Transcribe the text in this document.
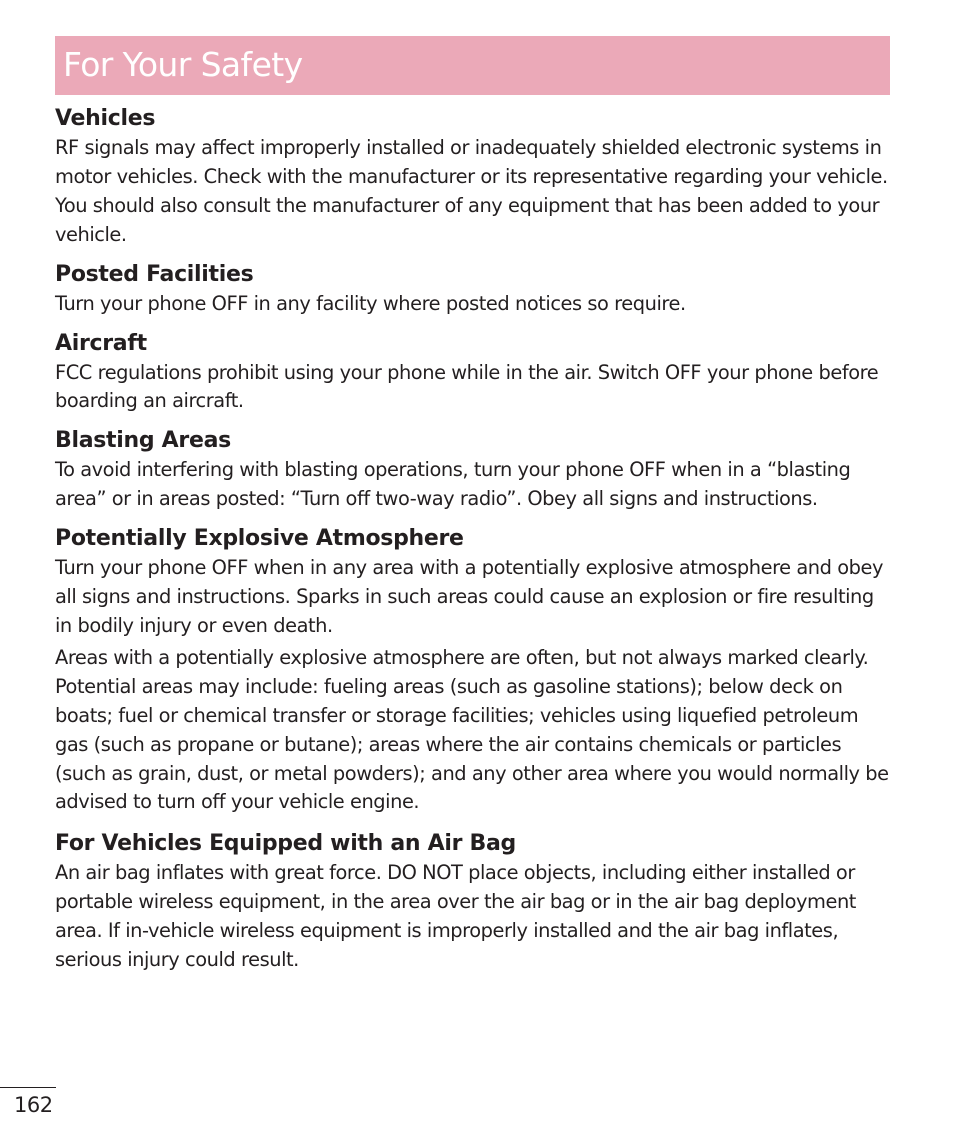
For Your Safety
Vehicles

RF signals may affect improperly installed or inadequately shielded electronic systems in motor vehicles. Check with the manufacturer or its representative regarding your vehicle. You should also consult the manufacturer of any equipment that has been added to your vehicle.

Posted Facilities

Turn your phone OFF in any facility where posted notices so require.

Aircraft

FCC regulations prohibit using your phone while in the air. Switch OFF your phone before boarding an aircraft.

Blasting Areas

To avoid interfering with blasting operations, turn your phone OFF when in a “blasting area” or in areas posted: “Turn off two-way radio”. Obey all signs and instructions.

Potentially Explosive Atmosphere

Turn your phone OFF when in any area with a potentially explosive atmosphere and obey all signs and instructions. Sparks in such areas could cause an explosion or fire resulting in bodily injury or even death.

Areas with a potentially explosive atmosphere are often, but not always marked clearly. Potential areas may include: fueling areas (such as gasoline stations); below deck on boats; fuel or chemical transfer or storage facilities; vehicles using liquefied petroleum gas (such as propane or butane); areas where the air contains chemicals or particles (such as grain, dust, or metal powders); and any other area where you would normally be advised to turn off your vehicle engine.

For Vehicles Equipped with an Air Bag

An air bag inflates with great force. DO NOT place objects, including either installed or portable wireless equipment, in the area over the air bag or in the air bag deployment area. If in-vehicle wireless equipment is improperly installed and the air bag inflates, serious injury could result.

162
